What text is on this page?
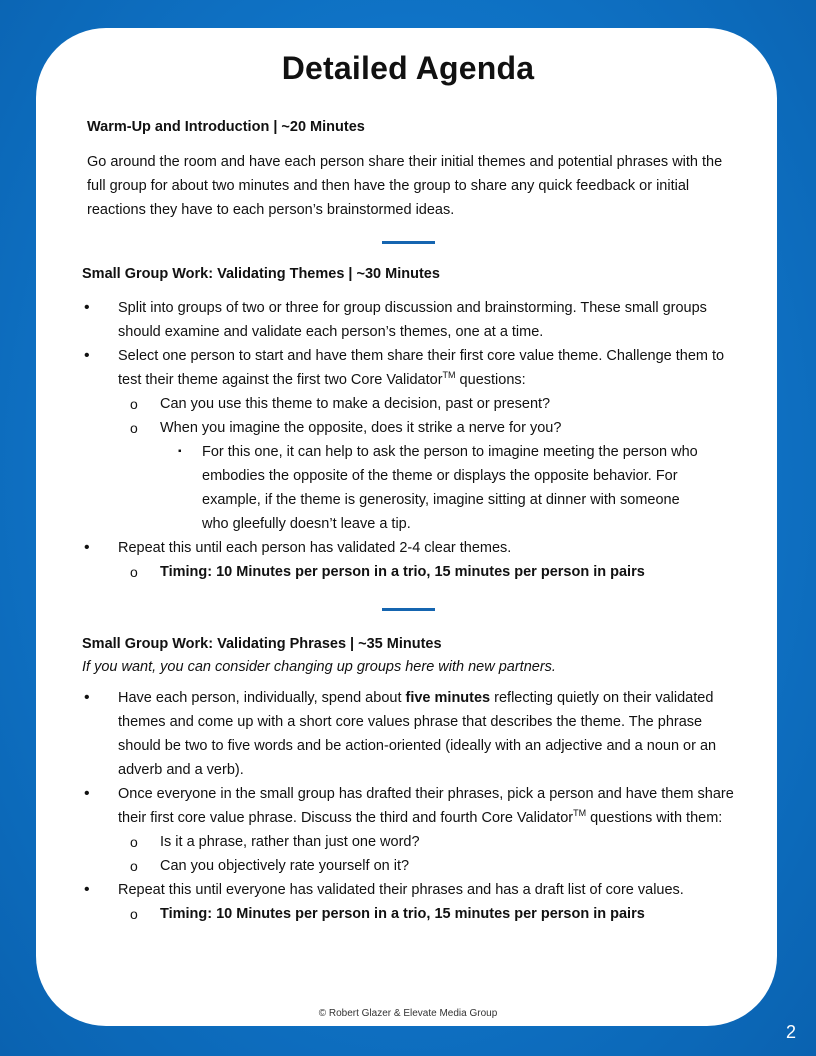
Detailed Agenda

Warm-Up and Introduction | ~20 Minutes

Go around the room and have each person share their initial themes and potential phrases with the full group for about two minutes and then have the group to share any quick feedback or initial reactions they have to each person’s brainstormed ideas.

Small Group Work: Validating Themes | ~30 Minutes

• Split into groups of two or three for group discussion and brainstorming. These small groups should examine and validate each person’s themes, one at a time.
• Select one person to start and have them share their first core value theme. Challenge them to test their theme against the first two Core Validator™ questions:
o Can you use this theme to make a decision, past or present?
o When you imagine the opposite, does it strike a nerve for you?
▪ For this one, it can help to ask the person to imagine meeting the person who embodies the opposite of the theme or displays the opposite behavior. For example, if the theme is generosity, imagine sitting at dinner with someone who gleefully doesn’t leave a tip.
• Repeat this until each person has validated 2-4 clear themes.
o Timing: 10 Minutes per person in a trio, 15 minutes per person in pairs

Small Group Work: Validating Phrases | ~35 Minutes

If you want, you can consider changing up groups here with new partners.

• Have each person, individually, spend about five minutes reflecting quietly on their validated themes and come up with a short core values phrase that describes the theme. The phrase should be two to five words and be action-oriented (ideally with an adjective and a noun or an adverb and a verb).
• Once everyone in the small group has drafted their phrases, pick a person and have them share their first core value phrase. Discuss the third and fourth Core Validator™ questions with them:
o Is it a phrase, rather than just one word?
o Can you objectively rate yourself on it?
• Repeat this until everyone has validated their phrases and has a draft list of core values.
o Timing: 10 Minutes per person in a trio, 15 minutes per person in pairs
© Robert Glazer & Elevate Media Group
2
